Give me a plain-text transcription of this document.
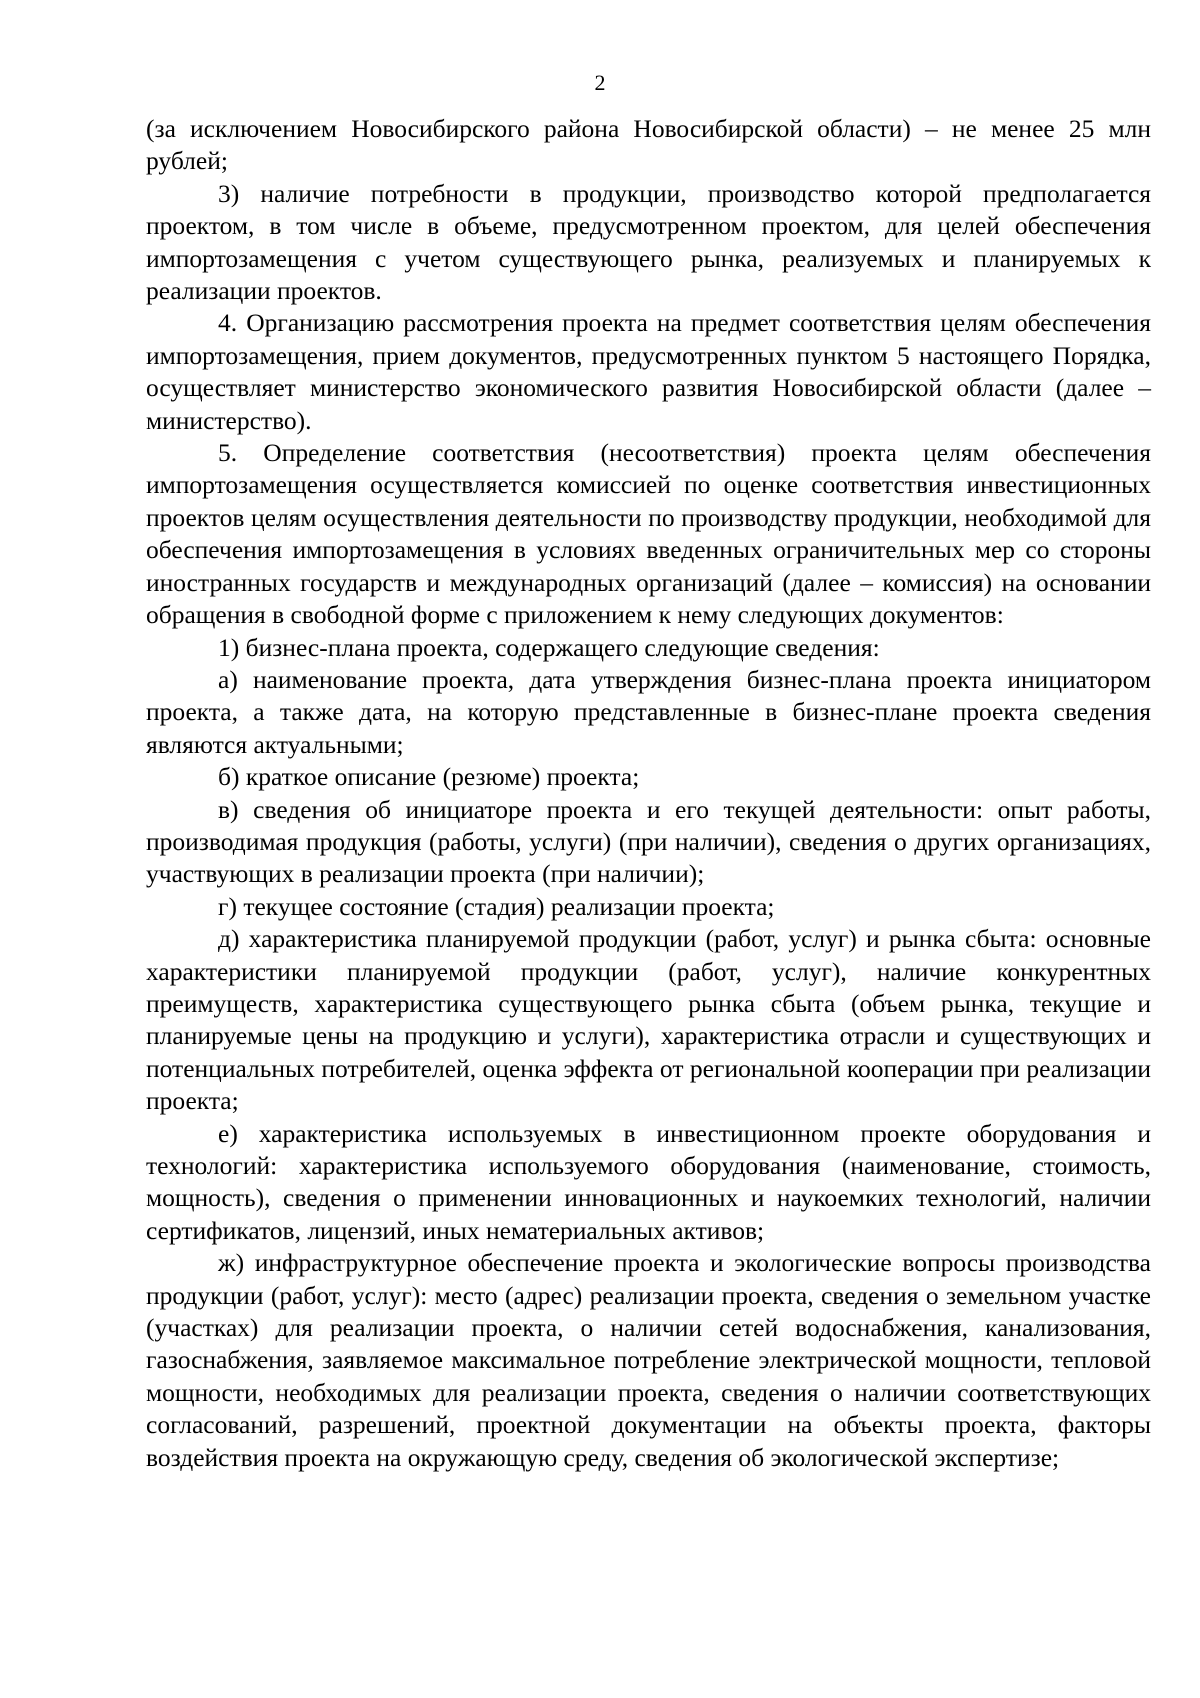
2

(за исключением Новосибирского района Новосибирской области) – не менее 25 млн рублей;

3) наличие потребности в продукции, производство которой предполагается проектом, в том числе в объеме, предусмотренном проектом, для целей обеспечения импортозамещения с учетом существующего рынка, реализуемых и планируемых к реализации проектов.

4. Организацию рассмотрения проекта на предмет соответствия целям обеспечения импортозамещения, прием документов, предусмотренных пунктом 5 настоящего Порядка, осуществляет министерство экономического развития Новосибирской области (далее – министерство).

5. Определение соответствия (несоответствия) проекта целям обеспечения импортозамещения осуществляется комиссией по оценке соответствия инвестиционных проектов целям осуществления деятельности по производству продукции, необходимой для обеспечения импортозамещения в условиях введенных ограничительных мер со стороны иностранных государств и международных организаций (далее – комиссия) на основании обращения в свободной форме с приложением к нему следующих документов:

1) бизнес-плана проекта, содержащего следующие сведения:

а) наименование проекта, дата утверждения бизнес-плана проекта инициатором проекта, а также дата, на которую представленные в бизнес-плане проекта сведения являются актуальными;

б) краткое описание (резюме) проекта;

в) сведения об инициаторе проекта и его текущей деятельности: опыт работы, производимая продукция (работы, услуги) (при наличии), сведения о других организациях, участвующих в реализации проекта (при наличии);

г) текущее состояние (стадия) реализации проекта;

д) характеристика планируемой продукции (работ, услуг) и рынка сбыта: основные характеристики планируемой продукции (работ, услуг), наличие конкурентных преимуществ, характеристика существующего рынка сбыта (объем рынка, текущие и планируемые цены на продукцию и услуги), характеристика отрасли и существующих и потенциальных потребителей, оценка эффекта от региональной кооперации при реализации проекта;

е) характеристика используемых в инвестиционном проекте оборудования и технологий: характеристика используемого оборудования (наименование, стоимость, мощность), сведения о применении инновационных и наукоемких технологий, наличии сертификатов, лицензий, иных нематериальных активов;

ж) инфраструктурное обеспечение проекта и экологические вопросы производства продукции (работ, услуг): место (адрес) реализации проекта, сведения о земельном участке (участках) для реализации проекта, о наличии сетей водоснабжения, канализования, газоснабжения, заявляемое максимальное потребление электрической мощности, тепловой мощности, необходимых для реализации проекта, сведения о наличии соответствующих согласований, разрешений, проектной документации на объекты проекта, факторы воздействия проекта на окружающую среду, сведения об экологической экспертизе;
